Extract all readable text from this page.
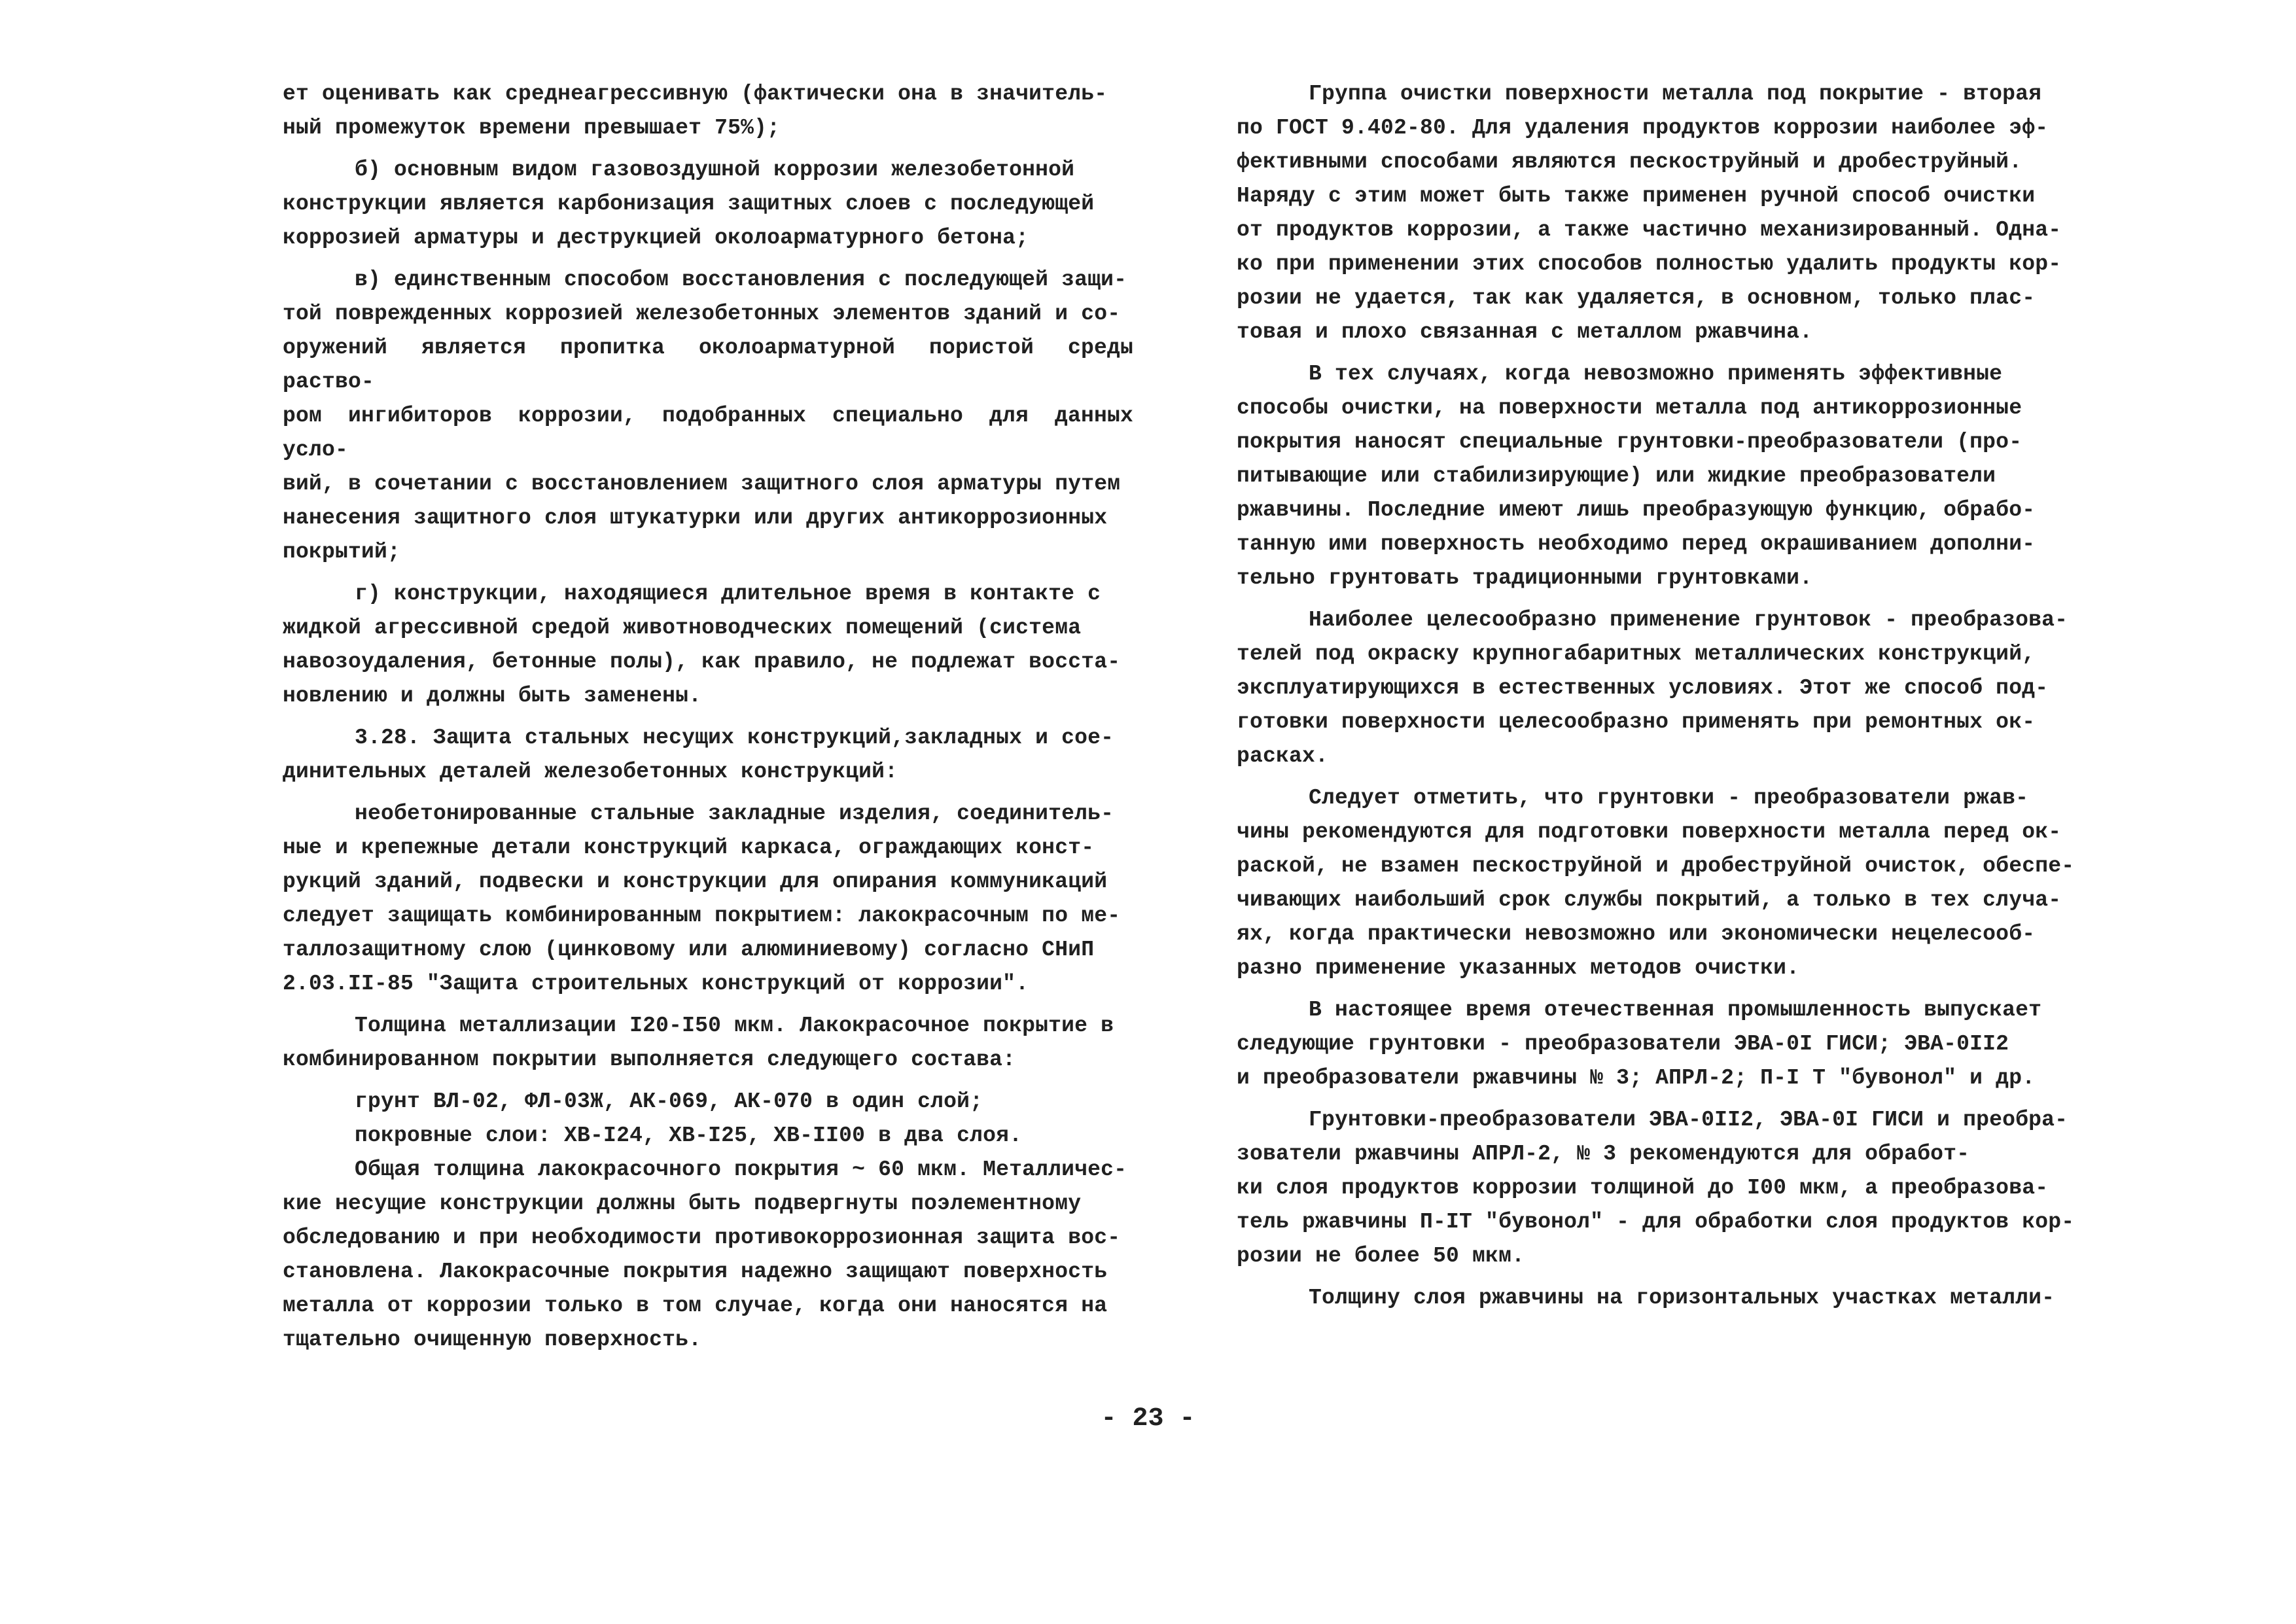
ет оценивать как среднеагрессивную (фактически она в значитель-
ный промежуток времени превышает 75%);
б) основным видом газовоздушной коррозии железобетонной
конструкции является карбонизация защитных слоев с последующей
коррозией арматуры и деструкцией околоарматурного бетона;
в) единственным способом восстановления с последующей защи-
той поврежденных коррозией железобетонных элементов зданий и со-
оружений является пропитка околоарматурной пористой среды раство-
ром ингибиторов коррозии, подобранных специально для данных усло-
вий, в сочетании с восстановлением защитного слоя арматуры путем
нанесения защитного слоя штукатурки или других антикоррозионных
покрытий;
г) конструкции, находящиеся длительное время в контакте с
жидкой агрессивной средой животноводческих помещений (система
навозоудаления, бетонные полы), как правило, не подлежат восста-
новлению и должны быть заменены.
3.28. Защита стальных несущих конструкций,закладных и сое-
динительных деталей железобетонных конструкций:
необетонированные стальные закладные изделия, соединитель-
ные и крепежные детали конструкций каркаса, ограждающих конст-
рукций зданий, подвески и конструкции для опирания коммуникаций
следует защищать комбинированным покрытием: лакокрасочным по ме-
таллозащитному слою (цинковому или алюминиевому) согласно СНиП
2.03.II-85 "Защита строительных конструкций от коррозии".
Толщина металлизации I20-I50 мкм. Лакокрасочное покрытие в
комбинированном покрытии выполняется следующего состава:
грунт ВЛ-02, ФЛ-03Ж, АК-069, АК-070 в один слой;
покровные слои: ХВ-I24, ХВ-I25, ХВ-II00 в два слоя.
Общая толщина лакокрасочного покрытия ~ 60 мкм. Металличес-
кие несущие конструкции должны быть подвергнуты поэлементному
обследованию и при необходимости противокоррозионная защита вос-
становлена. Лакокрасочные покрытия надежно защищают поверхность
металла от коррозии только в том случае, когда они наносятся на
тщательно очищенную поверхность.
Группа очистки поверхности металла под покрытие - вторая
по ГОСТ 9.402-80. Для удаления продуктов коррозии наиболее эф-
фективными способами являются пескоструйный и дробеструйный.
Наряду с этим может быть также применен ручной способ очистки
от продуктов коррозии, а также частично механизированный. Одна-
ко при применении этих способов полностью удалить продукты кор-
розии не удается, так как удаляется, в основном, только плас-
товая и плохо связанная с металлом ржавчина.
В тех случаях, когда невозможно применять эффективные
способы очистки, на поверхности металла под антикоррозионные
покрытия наносят специальные грунтовки-преобразователи (про-
питывающие или стабилизирующие) или жидкие преобразователи
ржавчины. Последние имеют лишь преобразующую функцию, обрабо-
танную ими поверхность необходимо перед окрашиванием дополни-
тельно грунтовать традиционными грунтовками.
Наиболее целесообразно применение грунтовок - преобразова-
телей под окраску крупногабаритных металлических конструкций,
эксплуатирующихся в естественных условиях. Этот же способ под-
готовки поверхности целесообразно применять при ремонтных ок-
расках.
Следует отметить, что грунтовки - преобразователи ржав-
чины рекомендуются для подготовки поверхности металла перед ок-
раской, не взамен пескоструйной и дробеструйной очисток, обеспе-
чивающих наибольший срок службы покрытий, а только в тех случа-
ях, когда практически невозможно или экономически нецелесооб-
разно применение указанных методов очистки.
В настоящее время отечественная промышленность выпускает
следующие грунтовки - преобразователи ЭВА-0I ГИСИ; ЭВА-0II2
и преобразователи ржавчины № 3; АПРЛ-2; П-I Т "бувонол" и др.
Грунтовки-преобразователи ЭВА-0II2, ЭВА-0I ГИСИ и преобра-
зователи ржавчины АПРЛ-2, № 3 рекомендуются для обработ-
ки слоя продуктов коррозии толщиной до I00 мкм, а преобразова-
тель ржавчины П-IТ "бувонол" - для обработки слоя продуктов кор-
розии не более 50 мкм.
Толщину слоя ржавчины на горизонтальных участках металли-
- 23 -
